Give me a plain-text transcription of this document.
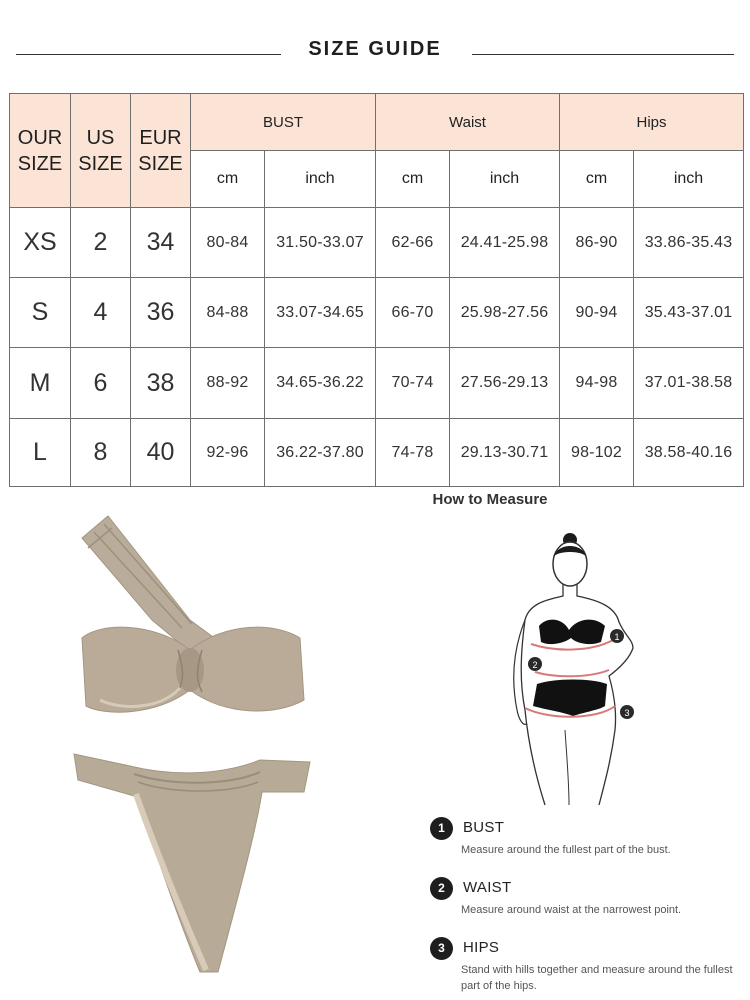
SIZE GUIDE
OUR SIZE	US SIZE	EUR SIZE	BUST		Waist		Hips	
			cm	inch	cm	inch	cm	inch
XS	2	34	80-84	31.50-33.07	62-66	24.41-25.98	86-90	33.86-35.43
S	4	36	84-88	33.07-34.65	66-70	25.98-27.56	90-94	35.43-37.01
M	6	38	88-92	34.65-36.22	70-74	27.56-29.13	94-98	37.01-38.58
L	8	40	92-96	36.22-37.80	74-78	29.13-30.71	98-102	38.58-40.16
How to Measure
1
2
3
1	BUST
Measure around the fullest part of the bust.
2	WAIST
Measure around waist at the narrowest point.
3	HIPS
Stand with hills together and measure around the fullest part of the hips.
